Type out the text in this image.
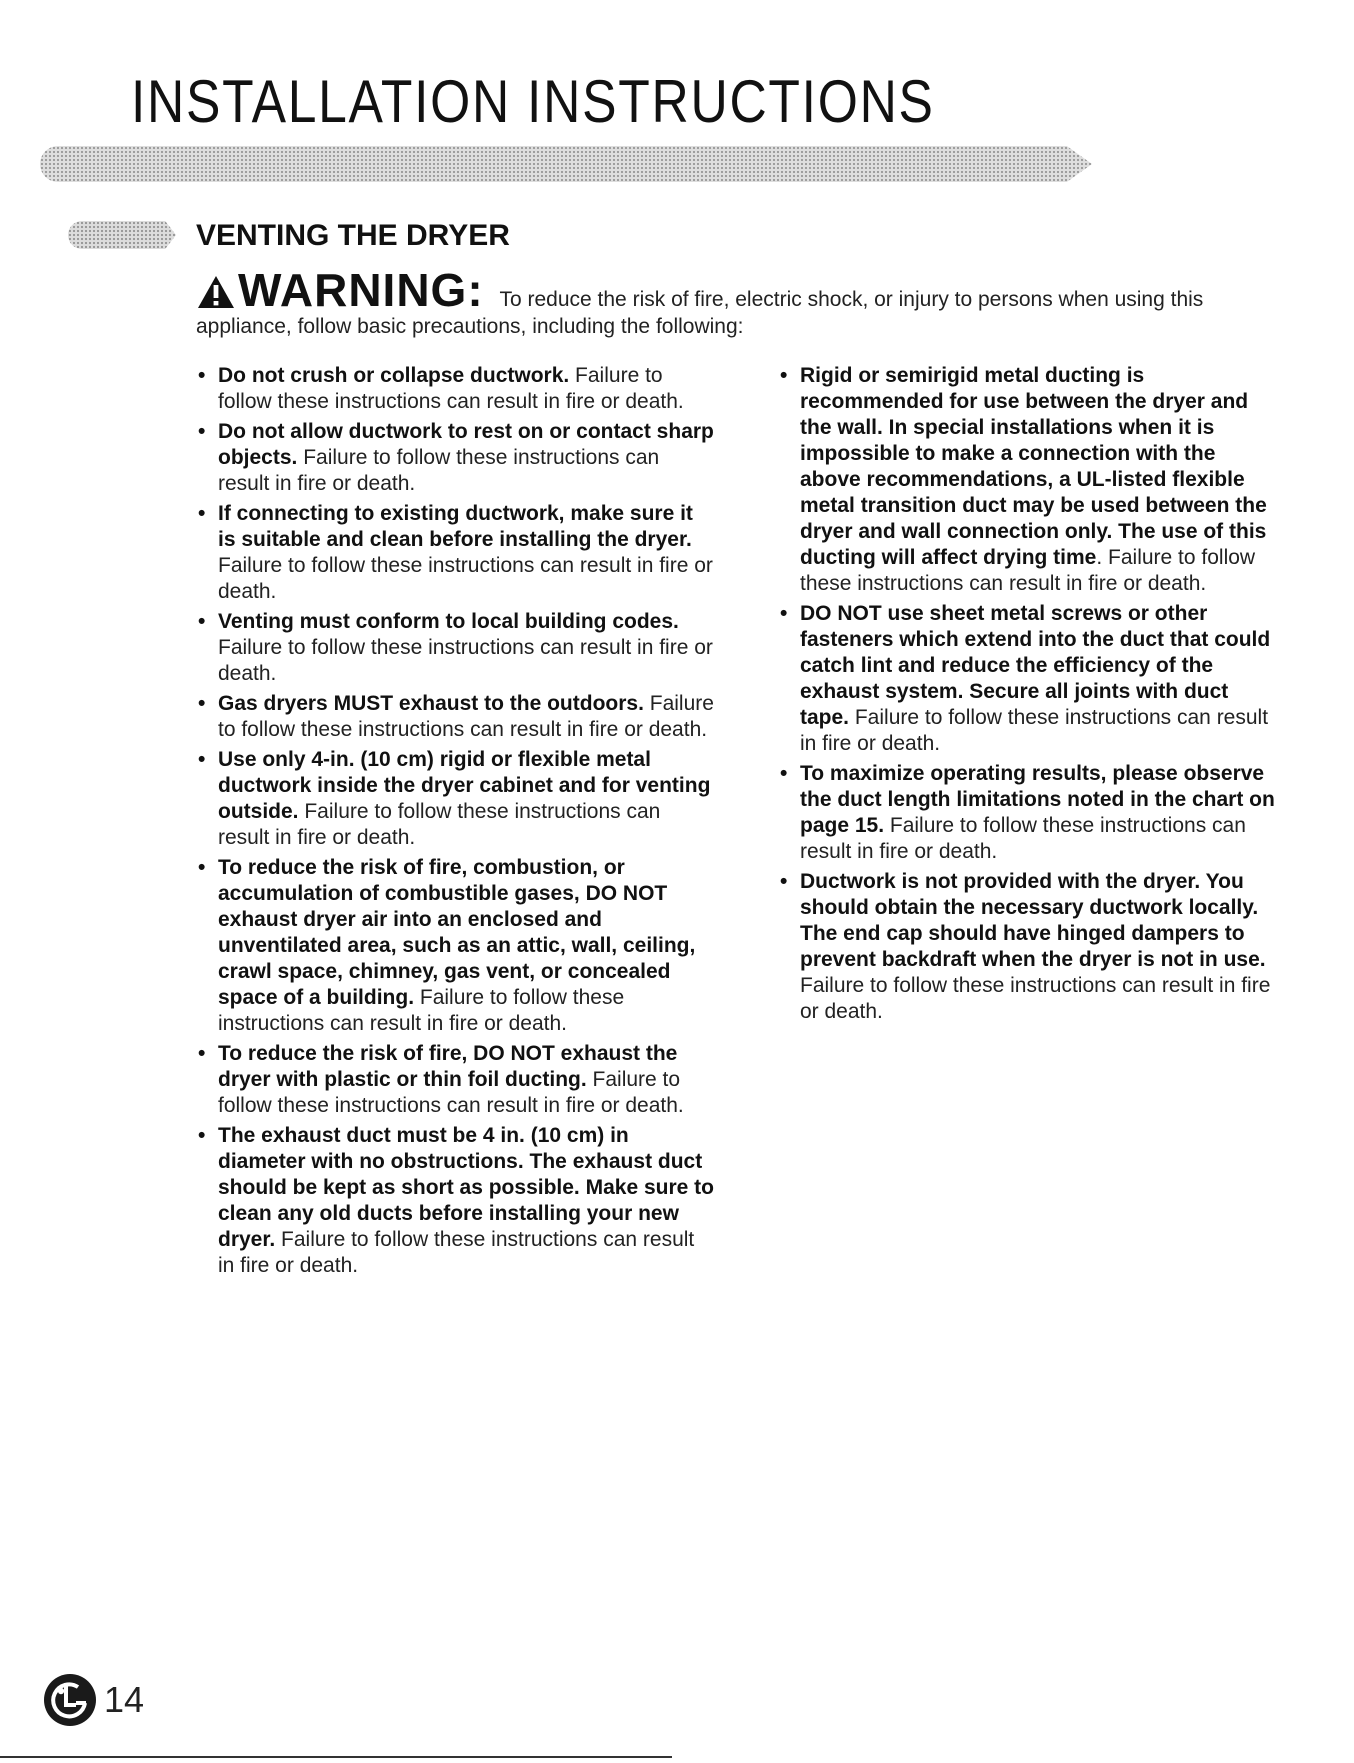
INSTALLATION INSTRUCTIONS
VENTING THE DRYER
WARNING: To reduce the risk of fire, electric shock, or injury to persons when using this appliance, follow basic precautions, including the following:
• Do not crush or collapse ductwork. Failure to follow these instructions can result in fire or death.
• Do not allow ductwork to rest on or contact sharp objects. Failure to follow these instructions can result in fire or death.
• If connecting to existing ductwork, make sure it is suitable and clean before installing the dryer. Failure to follow these instructions can result in fire or death.
• Venting must conform to local building codes. Failure to follow these instructions can result in fire or death.
• Gas dryers MUST exhaust to the outdoors. Failure to follow these instructions can result in fire or death.
• Use only 4-in. (10 cm) rigid or flexible metal ductwork inside the dryer cabinet and for venting outside. Failure to follow these instructions can result in fire or death.
• To reduce the risk of fire, combustion, or accumulation of combustible gases, DO NOT exhaust dryer air into an enclosed and unventilated area, such as an attic, wall, ceiling, crawl space, chimney, gas vent, or concealed space of a building. Failure to follow these instructions can result in fire or death.
• To reduce the risk of fire, DO NOT exhaust the dryer with plastic or thin foil ducting. Failure to follow these instructions can result in fire or death.
• The exhaust duct must be 4 in. (10 cm) in diameter with no obstructions. The exhaust duct should be kept as short as possible. Make sure to clean any old ducts before installing your new dryer. Failure to follow these instructions can result in fire or death.
• Rigid or semirigid metal ducting is recommended for use between the dryer and the wall. In special installations when it is impossible to make a connection with the above recommendations, a UL-listed flexible metal transition duct may be used between the dryer and wall connection only. The use of this ducting will affect drying time. Failure to follow these instructions can result in fire or death.
• DO NOT use sheet metal screws or other fasteners which extend into the duct that could catch lint and reduce the efficiency of the exhaust system. Secure all joints with duct tape. Failure to follow these instructions can result in fire or death.
• To maximize operating results, please observe the duct length limitations noted in the chart on page 15. Failure to follow these instructions can result in fire or death.
• Ductwork is not provided with the dryer. You should obtain the necessary ductwork locally. The end cap should have hinged dampers to prevent backdraft when the dryer is not in use. Failure to follow these instructions can result in fire or death.
14
